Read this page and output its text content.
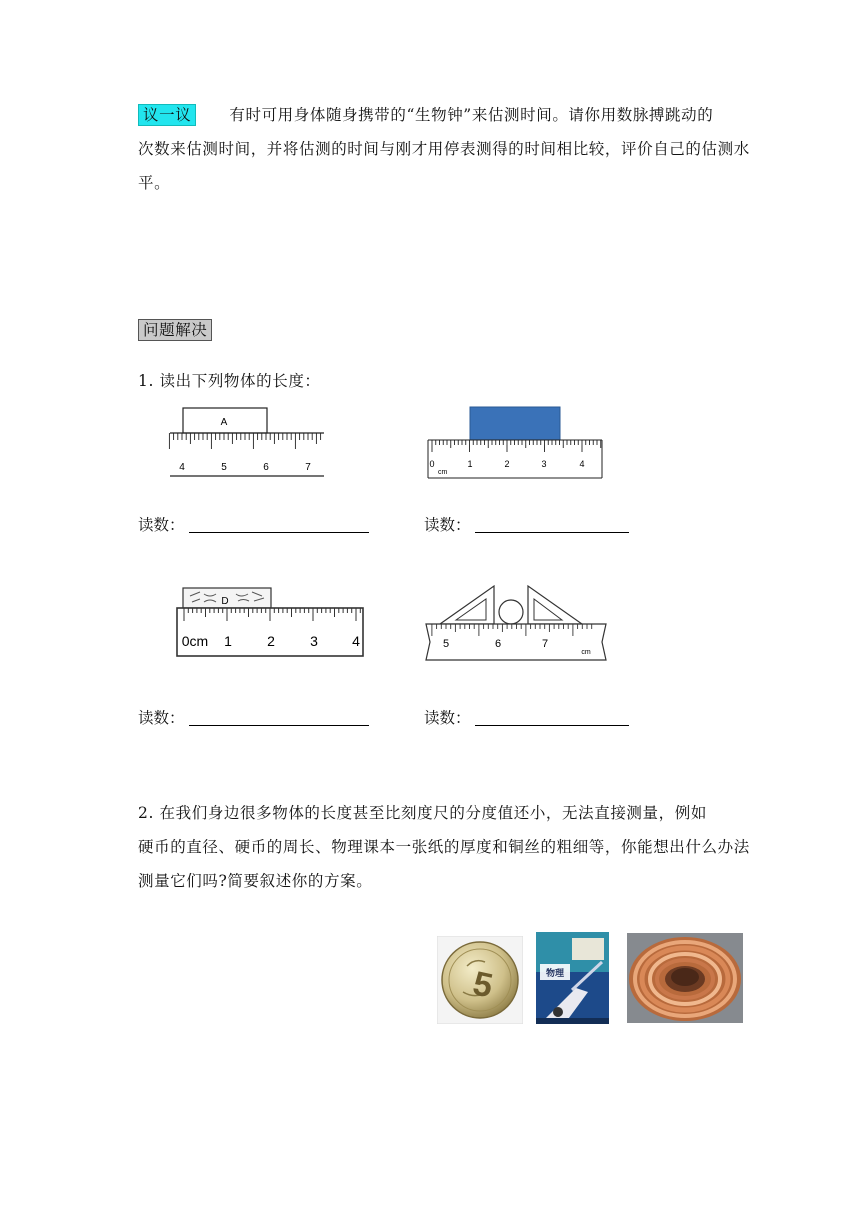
议一议 有时可用身体随身携带的“生物钟”来估测时间。请你用数脉搏跳动的
次数来估测时间，并将估测的时间与刚才用停表测得的时间相比较，评价自己的估测水
平。
问题解决
1. 读出下列物体的长度：
A
4	5	6	7	0	1	2	3	4
cm
读数：	读数：
D
0cm 1	2	3 4	5	6	7
cm
读数：	读数：
2. 在我们身边很多物体的长度甚至比刻度尺的分度值还小，无法直接测量，例如
硬币的直径、硬币的周长、物理课本一张纸的厚度和铜丝的粗细等，你能想出什么办法
测量它们吗?简要叙述你的方案。
5	物理
